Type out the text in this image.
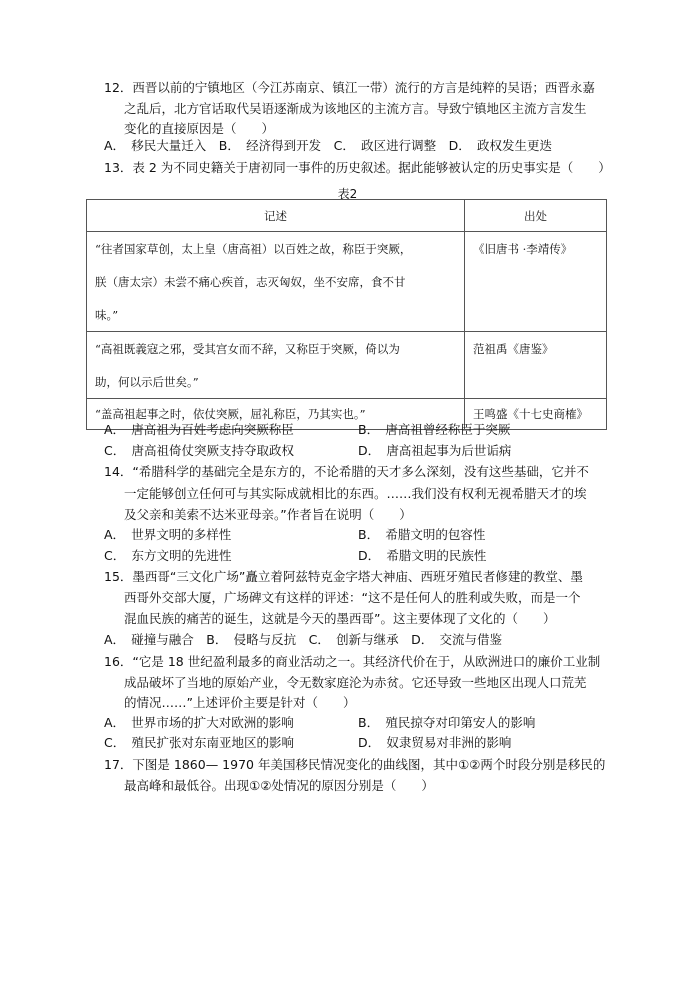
12．西晋以前的宁镇地区（今江苏南京、镇江一带）流行的方言是纯粹的吴语；西晋永嘉
之乱后，北方官话取代吴语逐渐成为该地区的主流方言。导致宁镇地区主流方言发生
变化的直接原因是（　　）
A．　移民大量迁入　B．　经济得到开发　C．　政区进行调整　D．　政权发生更迭
13．表 2 为不同史籍关于唐初同一事件的历史叙述。据此能够被认定的历史事实是（　　）
表2
记述	出处

“往者国家草创，太上皇（唐高祖）以百姓之故，称臣于突厥，
朕（唐太宗）未尝不痛心疾首，志灭匈奴，坐不安席，食不甘
味。”	《旧唐书 ·李靖传》

“高祖既義寇之邪，受其宫女而不辞，又称臣于突厥，倚以为
助，何以示后世矣。”	范祖禹《唐鉴》

“盖高祖起事之时，依仗突厥，屈礼称臣，乃其实也。”	王鸣盛《十七史商榷》
A．　唐高祖为百姓考虑向突厥称臣	B．　唐高祖曾经称臣于突厥
C．　唐高祖倚仗突厥支持夺取政权	D．　唐高祖起事为后世诟病
14．“希腊科学的基础完全是东方的，不论希腊的天才多么深刻，没有这些基础，它并不
一定能够创立任何可与其实际成就相比的东西。……我们没有权利无视希腊天才的埃
及父亲和美索不达米亚母亲。”作者旨在说明（　　）
A．　世界文明的多样性	B．　希腊文明的包容性
C．　东方文明的先进性	D．　希腊文明的民族性
15．墨西哥“三文化广场”矗立着阿兹特克金字塔大神庙、西班牙殖民者修建的教堂、墨
西哥外交部大厦，广场碑文有这样的评述：“这不是任何人的胜利或失败，而是一个
混血民族的痛苦的诞生，这就是今天的墨西哥”。这主要体现了文化的（　　）
A．　碰撞与融合　B．　侵略与反抗　C．　创新与继承　D．　交流与借鉴
16．“它是 18 世纪盈利最多的商业活动之一。其经济代价在于，从欧洲进口的廉价工业制
成品破坏了当地的原始产业，令无数家庭沦为赤贫。它还导致一些地区出现人口荒芜
的情况……”上述评价主要是针对（　　）
A．　世界市场的扩大对欧洲的影响	B．　殖民掠夺对印第安人的影响
C．　殖民扩张对东南亚地区的影响	D．　奴隶贸易对非洲的影响
17．下图是 1860— 1970 年美国移民情况变化的曲线图，其中①②两个时段分别是移民的
最高峰和最低谷。出现①②处情况的原因分别是（　　）
